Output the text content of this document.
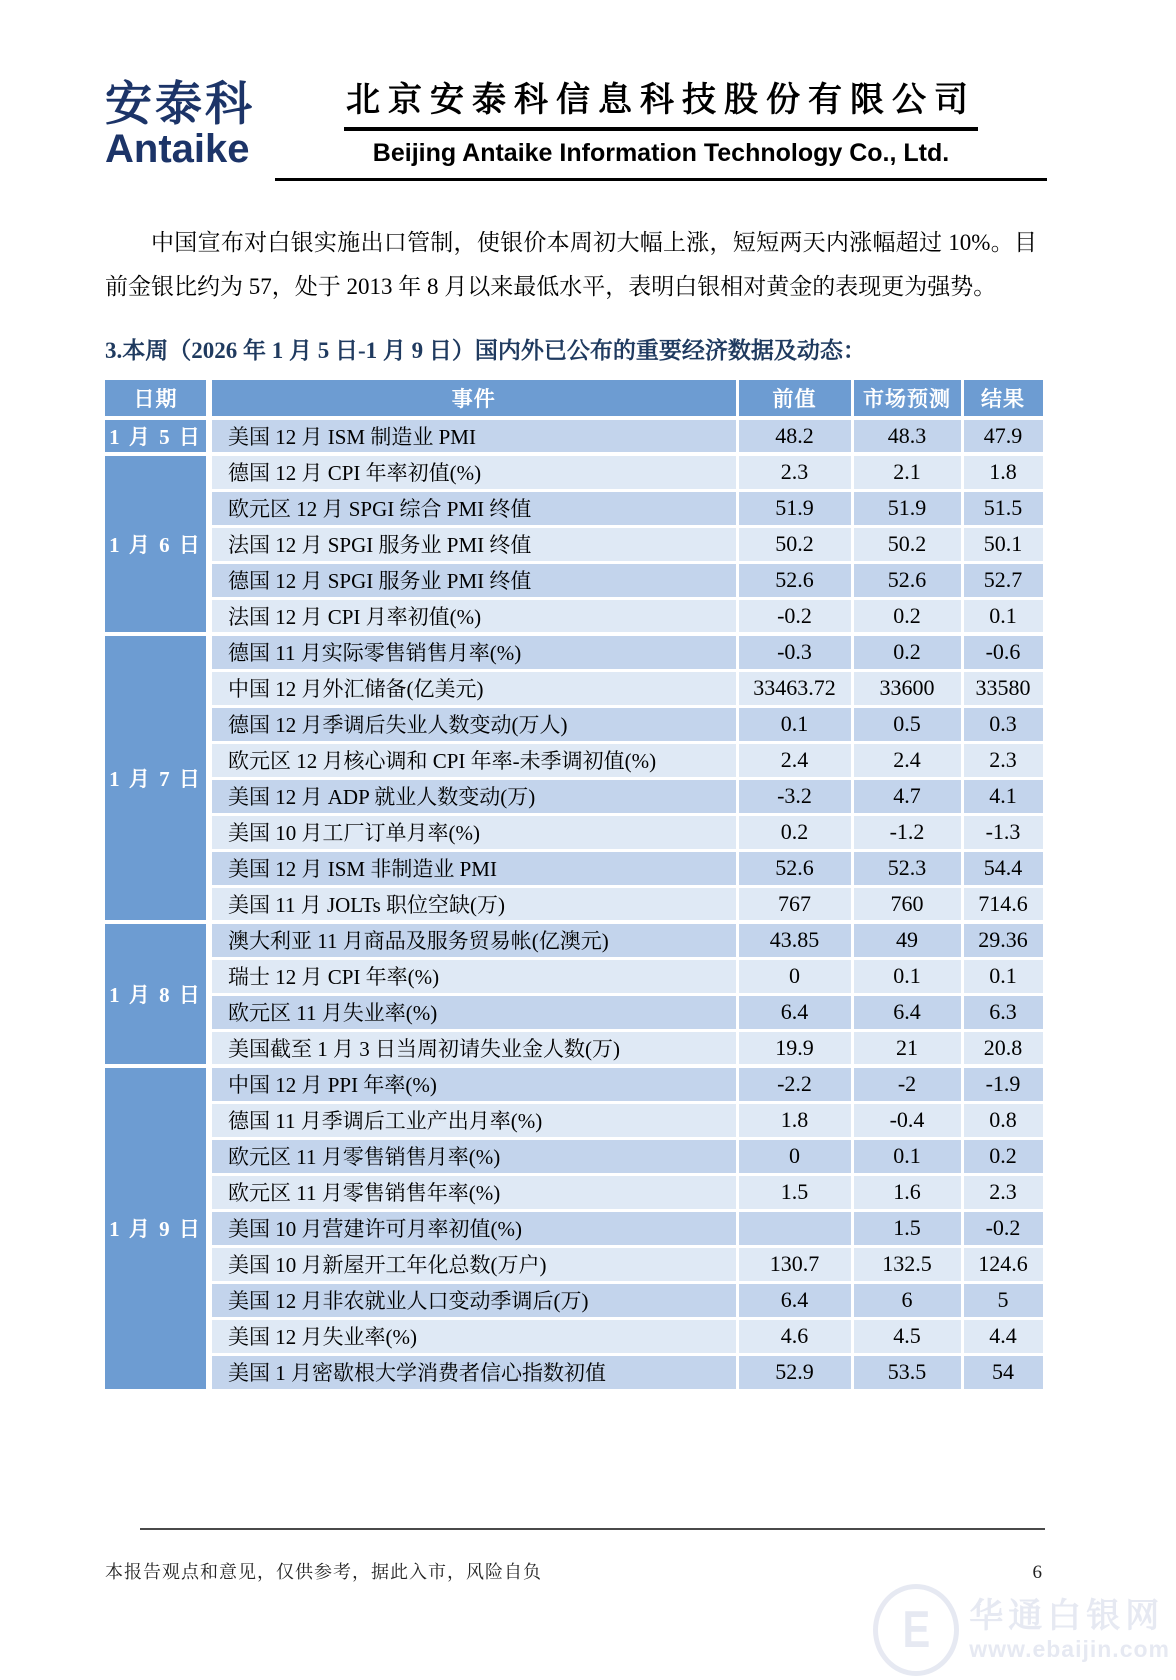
安泰科
Antaike
北京安泰科信息科技股份有限公司
Beijing Antaike Information Technology Co., Ltd.

中国宣布对白银实施出口管制，使银价本周初大幅上涨，短短两天内涨幅超过 10%。目前金银比约为 57，处于 2013 年 8 月以来最低水平，表明白银相对黄金的表现更为强势。

3.本周（2026 年 1 月 5 日-1 月 9 日）国内外已公布的重要经济数据及动态：
日期	事件	前值	市场预测	结果
1 月 5 日	美国 12 月 ISM 制造业 PMI	48.2	48.3	47.9
1 月 6 日	德国 12 月 CPI 年率初值(%)	2.3	2.1	1.8
	欧元区 12 月 SPGI 综合 PMI 终值	51.9	51.9	51.5
	法国 12 月 SPGI 服务业 PMI 终值	50.2	50.2	50.1
	德国 12 月 SPGI 服务业 PMI 终值	52.6	52.6	52.7
	法国 12 月 CPI 月率初值(%)	-0.2	0.2	0.1
1 月 7 日	德国 11 月实际零售销售月率(%)	-0.3	0.2	-0.6
	中国 12 月外汇储备(亿美元)	33463.72	33600	33580
	德国 12 月季调后失业人数变动(万人)	0.1	0.5	0.3
	欧元区 12 月核心调和 CPI 年率-未季调初值(%)	2.4	2.4	2.3
	美国 12 月 ADP 就业人数变动(万)	-3.2	4.7	4.1
	美国 10 月工厂订单月率(%)	0.2	-1.2	-1.3
	美国 12 月 ISM 非制造业 PMI	52.6	52.3	54.4
	美国 11 月 JOLTs 职位空缺(万)	767	760	714.6
1 月 8 日	澳大利亚 11 月商品及服务贸易帐(亿澳元)	43.85	49	29.36
	瑞士 12 月 CPI 年率(%)	0	0.1	0.1
	欧元区 11 月失业率(%)	6.4	6.4	6.3
	美国截至 1 月 3 日当周初请失业金人数(万)	19.9	21	20.8
1 月 9 日	中国 12 月 PPI 年率(%)	-2.2	-2	-1.9
	德国 11 月季调后工业产出月率(%)	1.8	-0.4	0.8
	欧元区 11 月零售销售月率(%)	0	0.1	0.2
	欧元区 11 月零售销售年率(%)	1.5	1.6	2.3
	美国 10 月营建许可月率初值(%)		1.5	-0.2
	美国 10 月新屋开工年化总数(万户)	130.7	132.5	124.6
	美国 12 月非农就业人口变动季调后(万)	6.4	6	5
	美国 12 月失业率(%)	4.6	4.5	4.4
	美国 1 月密歇根大学消费者信心指数初值	52.9	53.5	54
本报告观点和意见，仅供参考，据此入市，风险自负	6
E 华通白银网
www.ebaijin.com
